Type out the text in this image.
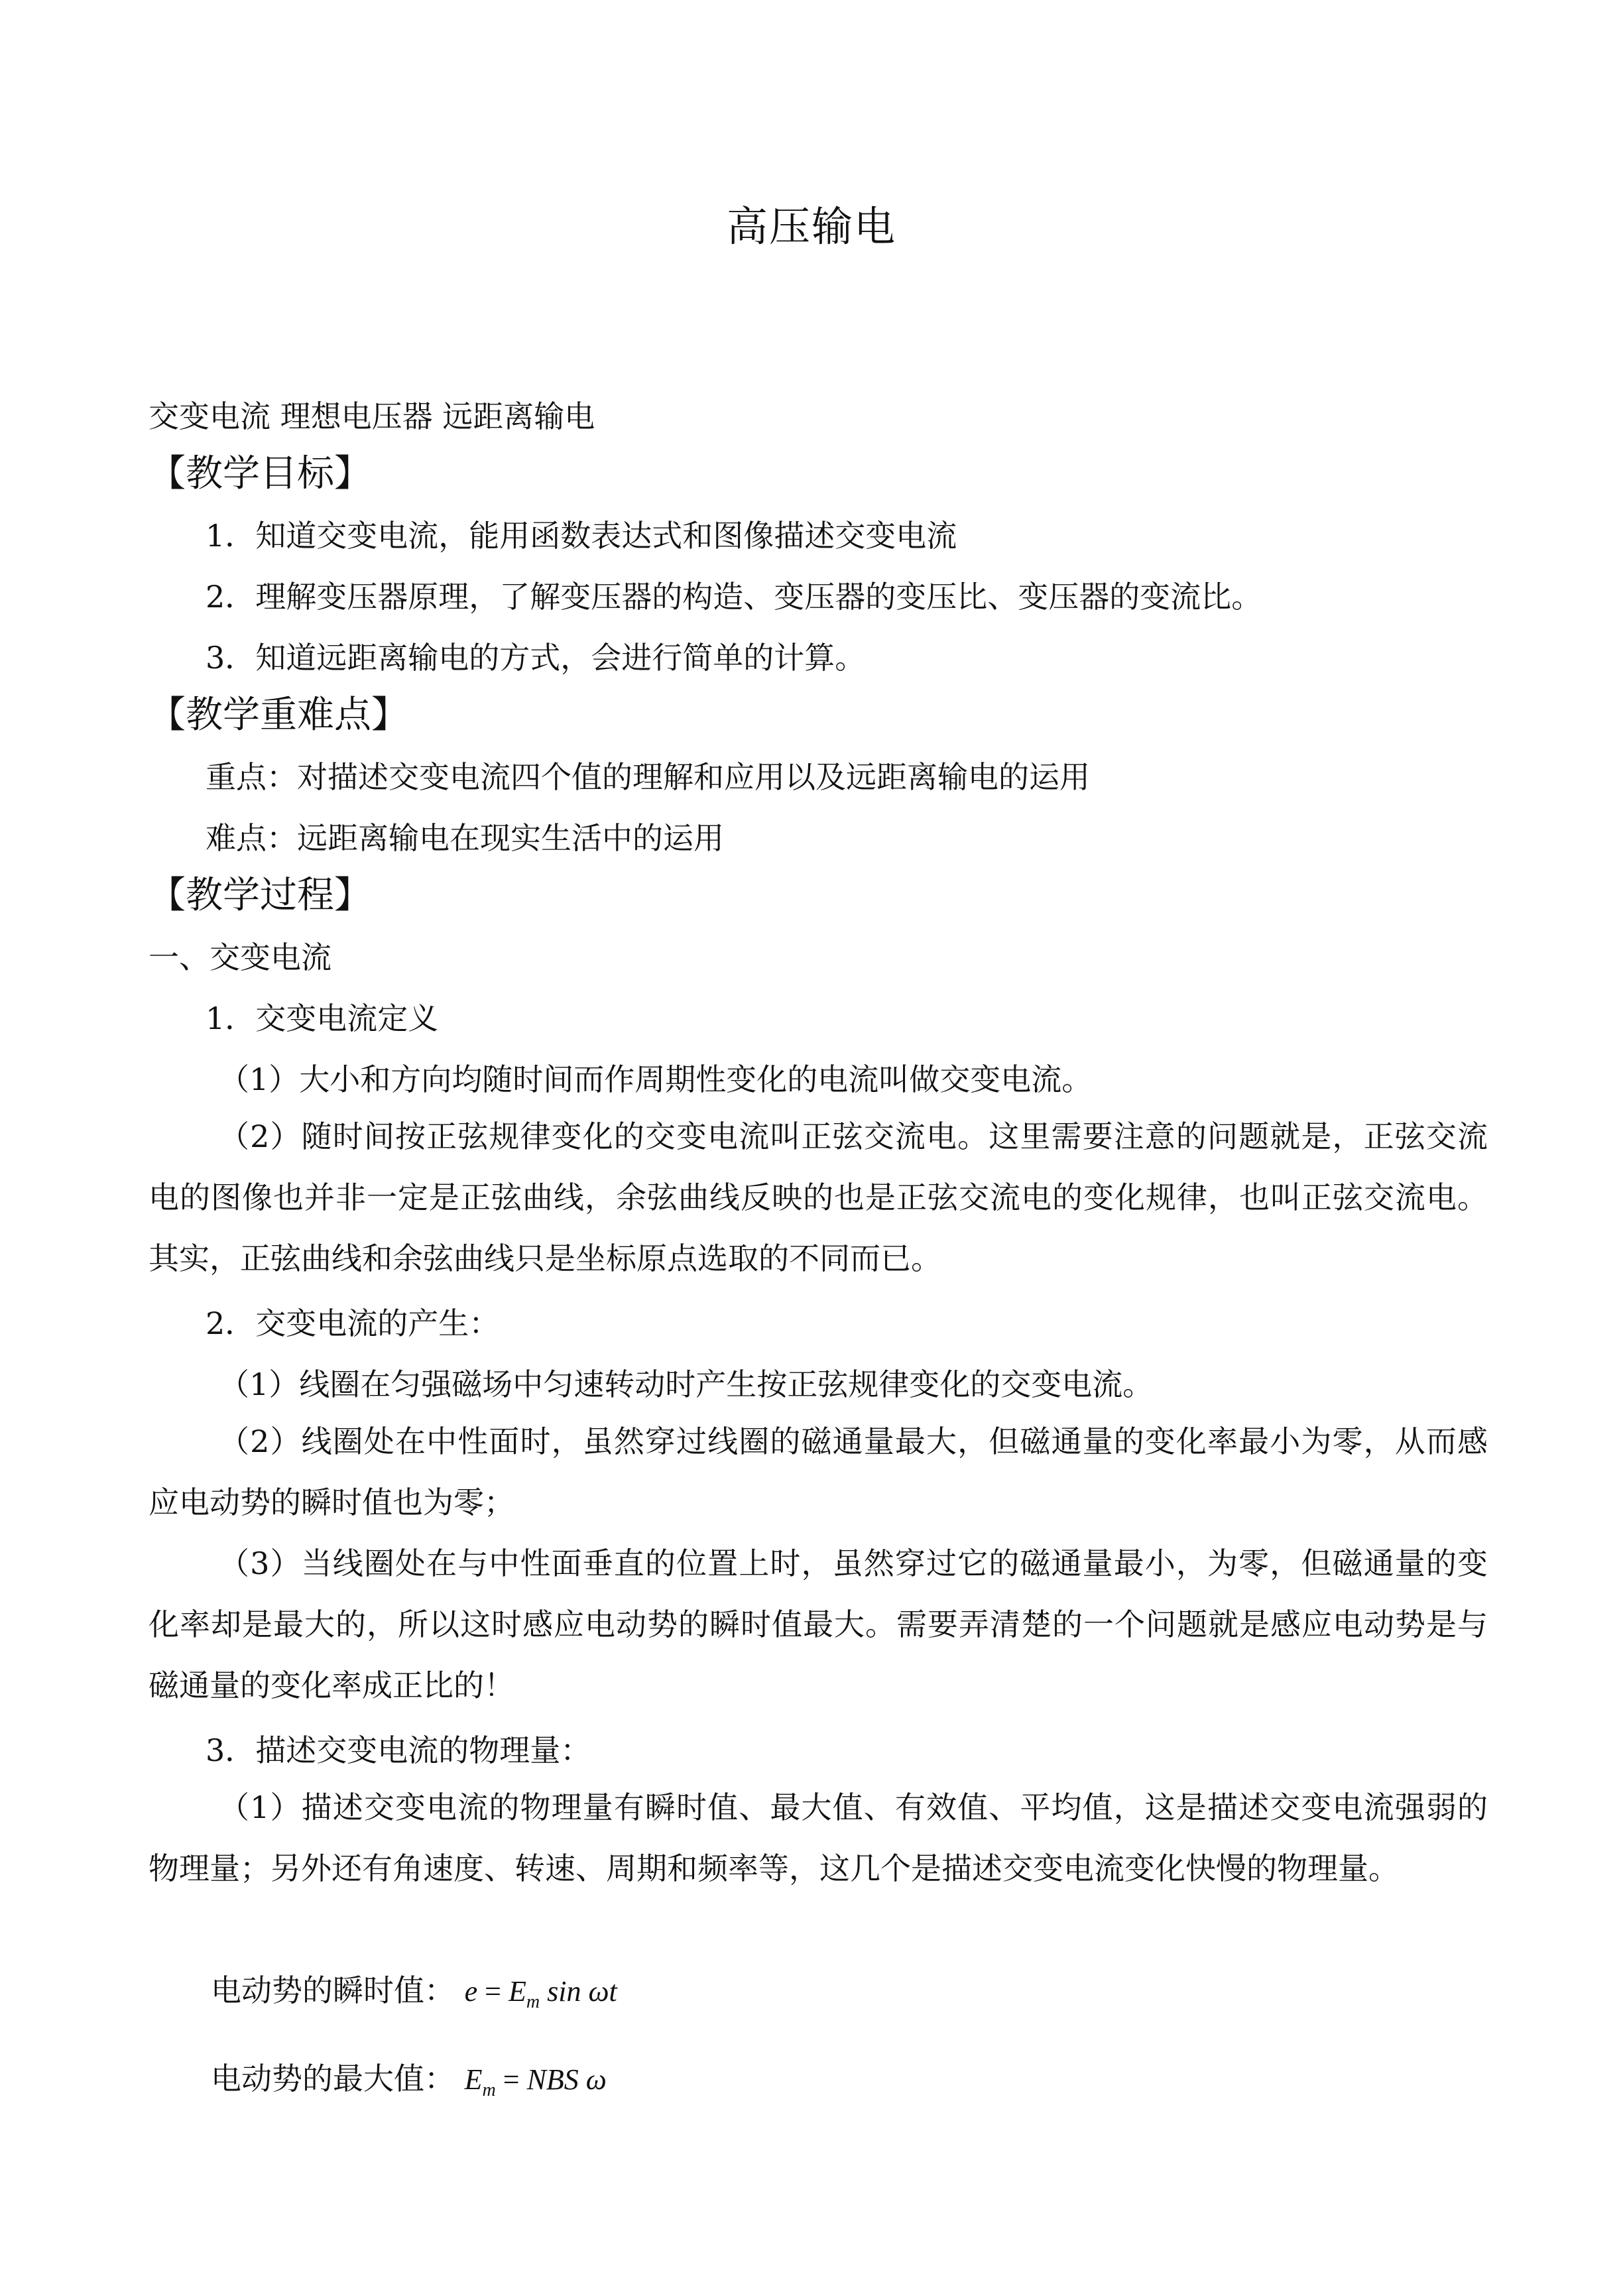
高压输电
交变电流 理想电压器 远距离输电
【教学目标】
1．知道交变电流，能用函数表达式和图像描述交变电流
2．理解变压器原理，了解变压器的构造、变压器的变压比、变压器的变流比。
3．知道远距离输电的方式，会进行简单的计算。
【教学重难点】
重点：对描述交变电流四个值的理解和应用以及远距离输电的运用
难点：远距离输电在现实生活中的运用
【教学过程】
一、交变电流
1．交变电流定义
（1）大小和方向均随时间而作周期性变化的电流叫做交变电流。
（2）随时间按正弦规律变化的交变电流叫正弦交流电。这里需要注意的问题就是，正弦交流电的图像也并非一定是正弦曲线，余弦曲线反映的也是正弦交流电的变化规律，也叫正弦交流电。其实，正弦曲线和余弦曲线只是坐标原点选取的不同而已。
2．交变电流的产生：
（1）线圈在匀强磁场中匀速转动时产生按正弦规律变化的交变电流。
（2）线圈处在中性面时，虽然穿过线圈的磁通量最大，但磁通量的变化率最小为零，从而感应电动势的瞬时值也为零；
（3）当线圈处在与中性面垂直的位置上时，虽然穿过它的磁通量最小，为零，但磁通量的变化率却是最大的，所以这时感应电动势的瞬时值最大。需要弄清楚的一个问题就是感应电动势是与磁通量的变化率成正比的！
3．描述交变电流的物理量：
（1）描述交变电流的物理量有瞬时值、最大值、有效值、平均值，这是描述交变电流强弱的物理量；另外还有角速度、转速、周期和频率等，这几个是描述交变电流变化快慢的物理量。
电动势的瞬时值： $e = E_m$ sin ωt
电动势的最大值： $E_m$ = NBS ω
